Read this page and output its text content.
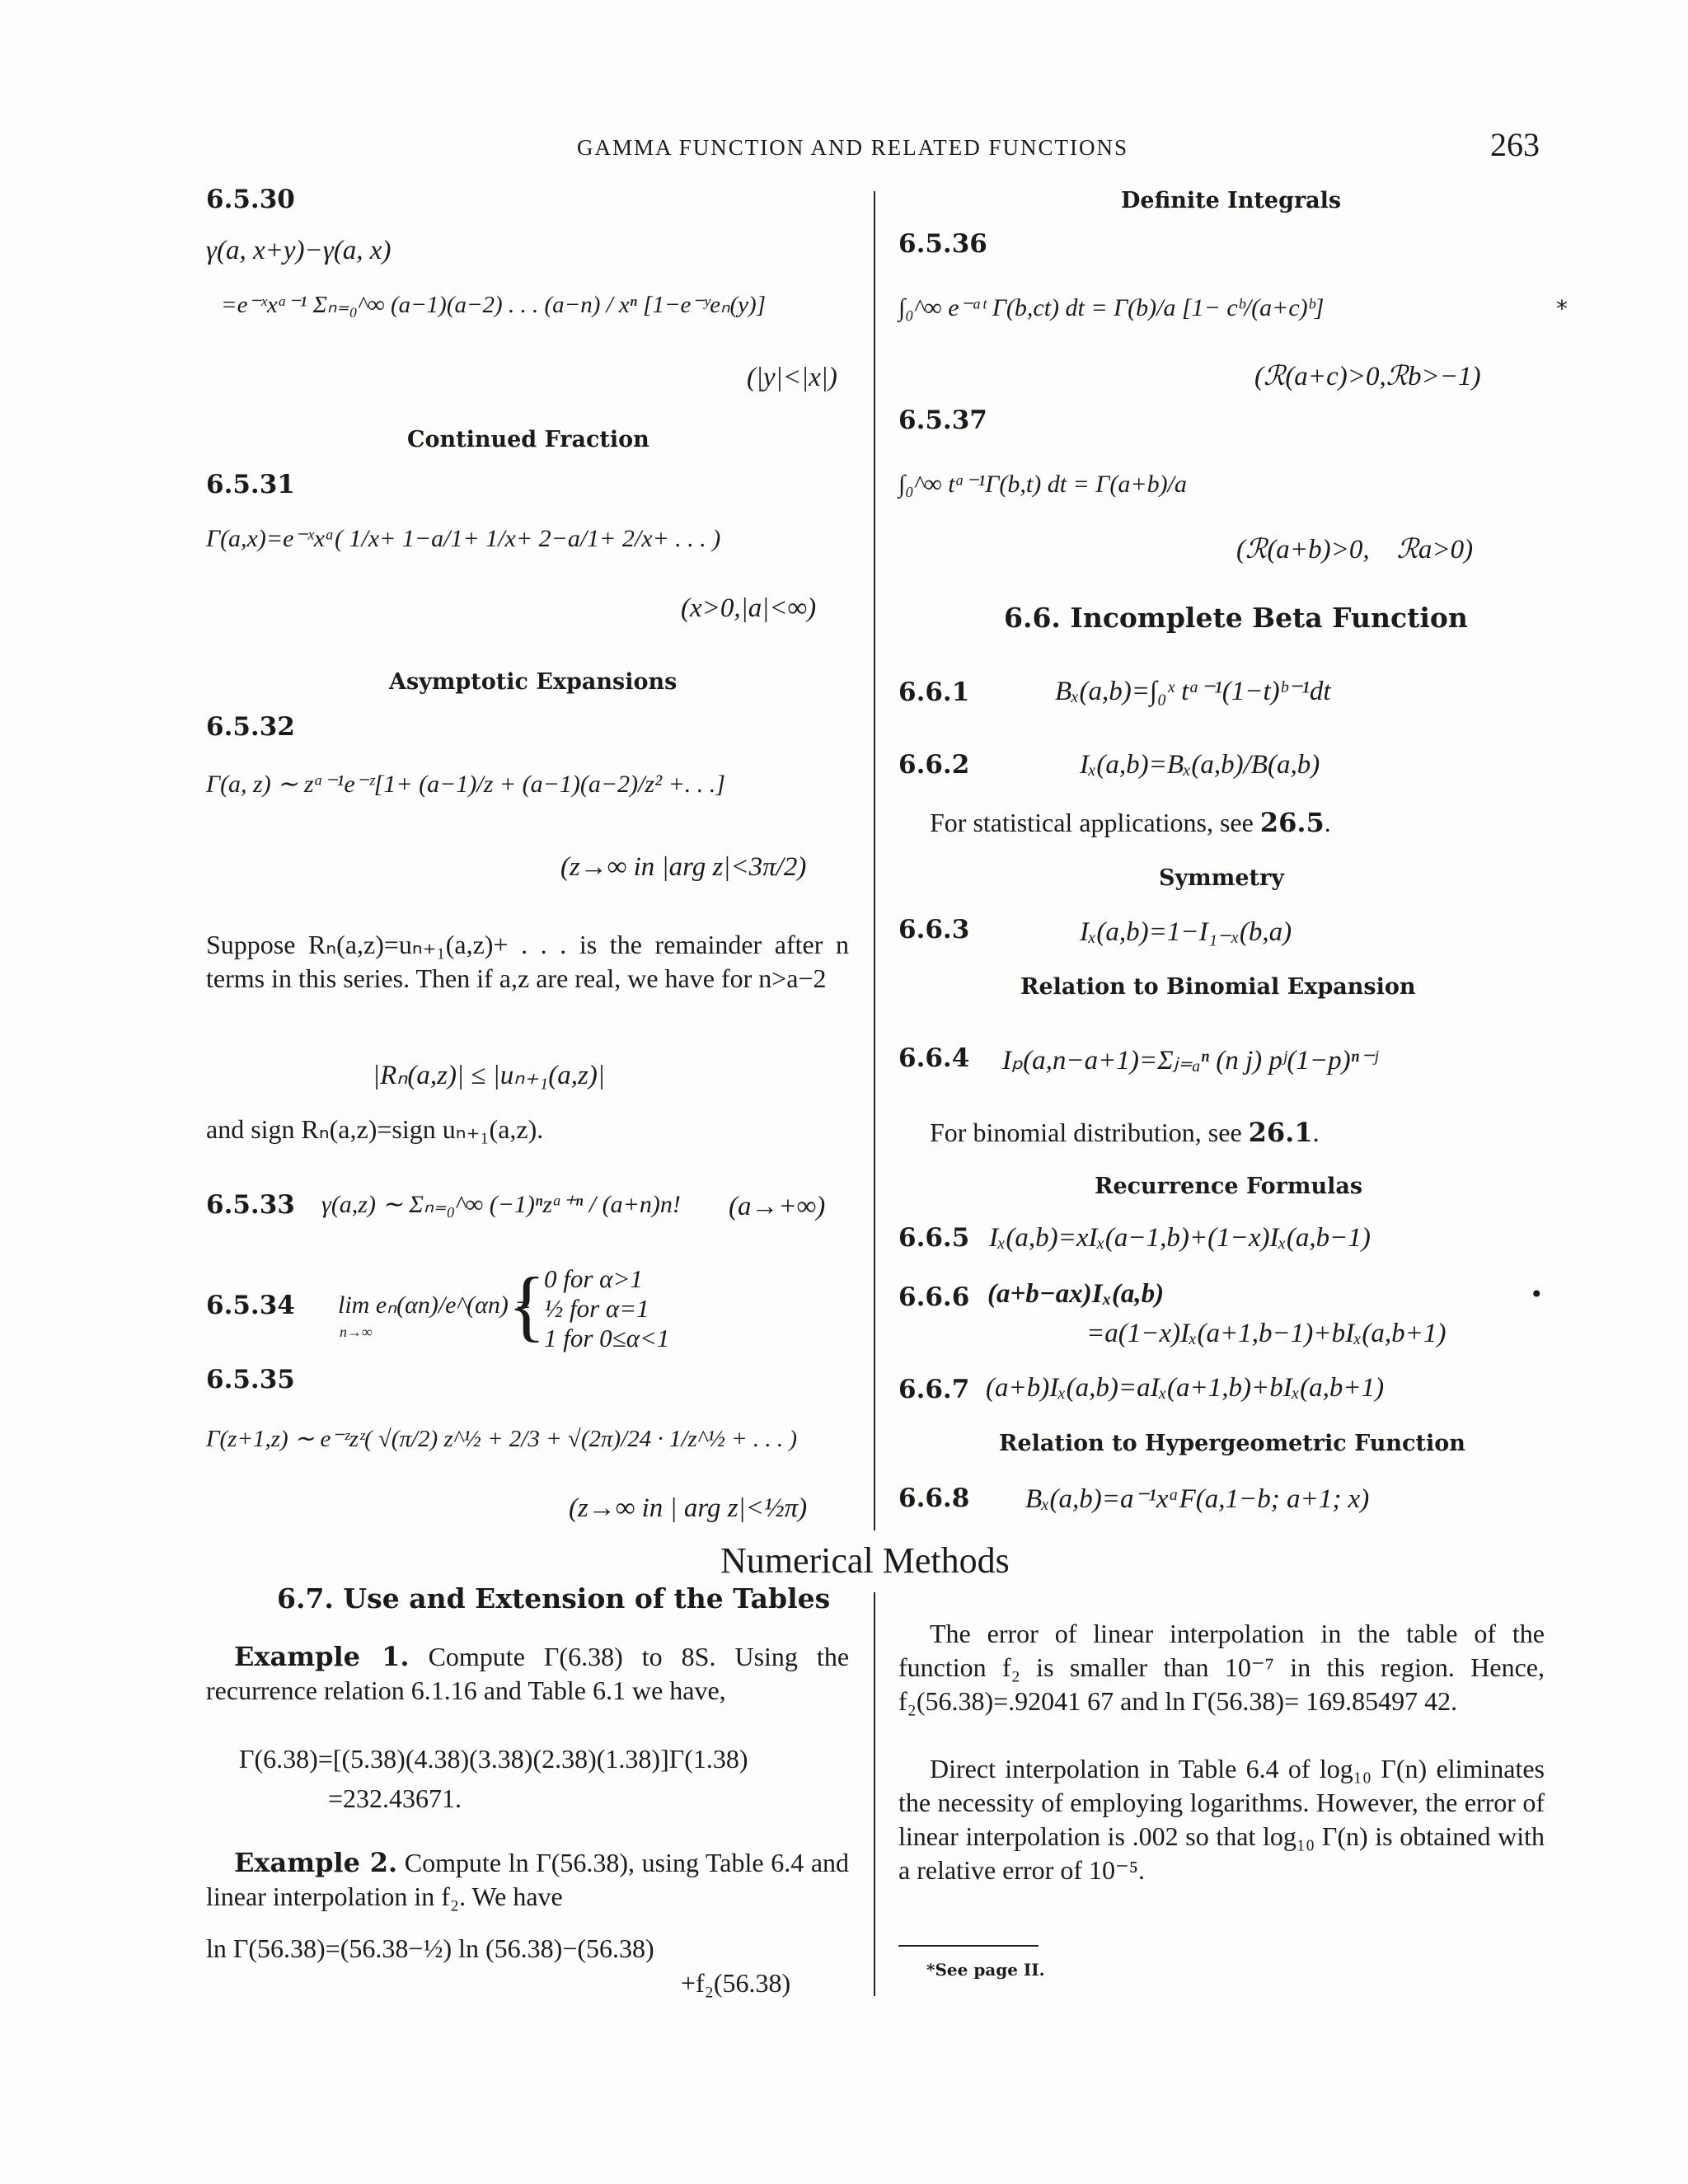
GAMMA FUNCTION AND RELATED FUNCTIONS	263
6.5.30
γ(a, x+y)−γ(a, x)
=e⁻ˣxᵃ⁻¹ Σₙ₌₀^∞ (a−1)(a−2) . . . (a−n) / xⁿ [1−e⁻ʸeₙ(y)]
(|y|<|x|)
Continued Fraction
6.5.31
Γ(a,x)=e⁻ˣxᵃ( 1/x+ 1−a/1+ 1/x+ 2−a/1+ 2/x+ . . . )
(x>0,|a|<∞)
Asymptotic Expansions
6.5.32
Γ(a, z) ∼ zᵃ⁻¹e⁻ᶻ[1+ (a−1)/z + (a−1)(a−2)/z² +. . .]
(z→∞ in |arg z|<3π/2)
Suppose Rₙ(a,z)=uₙ₊₁(a,z)+ . . . is the remainder after n terms in this series. Then if a,z are real, we have for n>a−2
|Rₙ(a,z)| ≤ |uₙ₊₁(a,z)|
and sign Rₙ(a,z)=sign uₙ₊₁(a,z).
6.5.33 γ(a,z) ∼ Σₙ₌₀^∞ (−1)ⁿzᵃ⁺ⁿ / (a+n)n! (a→+∞)
6.5.34 lim eₙ(αn)/e^(αn) =
n→∞ {
0 for α>1
½ for α=1
1 for 0≤α<1
6.5.35
Γ(z+1,z) ∼ e⁻ᶻzᶻ( √(π/2) z^½ + 2/3 + √(2π)/24 · 1/z^½ + . . . )
(z→∞ in | arg z|<½π)
Definite Integrals
6.5.36
∫₀^∞ e⁻ᵃᵗ Γ(b,ct) dt = Γ(b)/a [1− cᵇ/(a+c)ᵇ]	*
(ℛ(a+c)>0,ℛb>−1)
6.5.37
∫₀^∞ tᵃ⁻¹Γ(b,t) dt = Γ(a+b)/a
(ℛ(a+b)>0,    ℛa>0)
6.6. Incomplete Beta Function
6.6.1	Bₓ(a,b)=∫₀ˣ tᵃ⁻¹(1−t)ᵇ⁻¹dt
6.6.2	Iₓ(a,b)=Bₓ(a,b)/B(a,b)
For statistical applications, see 26.5.
Symmetry
6.6.3	Iₓ(a,b)=1−I₁₋ₓ(b,a)
Relation to Binomial Expansion
6.6.4 Iₚ(a,n−a+1)=Σⱼ₌ₐⁿ (n j) pʲ(1−p)ⁿ⁻ʲ
For binomial distribution, see 26.1.
Recurrence Formulas
6.6.5 Iₓ(a,b)=xIₓ(a−1,b)+(1−x)Iₓ(a,b−1)
6.6.6 (a+b−ax)Iₓ(a,b)	•
=a(1−x)Iₓ(a+1,b−1)+bIₓ(a,b+1)
6.6.7 (a+b)Iₓ(a,b)=aIₓ(a+1,b)+bIₓ(a,b+1)
Relation to Hypergeometric Function
6.6.8 Bₓ(a,b)=a⁻¹xᵃF(a,1−b; a+1; x)
Numerical Methods
6.7. Use and Extension of the Tables
Example 1. Compute Γ(6.38) to 8S. Using the recurrence relation 6.1.16 and Table 6.1 we have,
Γ(6.38)=[(5.38)(4.38)(3.38)(2.38)(1.38)]Γ(1.38)
=232.43671.
Example 2. Compute ln Γ(56.38), using Table 6.4 and linear interpolation in f₂. We have
ln Γ(56.38)=(56.38−½) ln (56.38)−(56.38)
+f₂(56.38)
The error of linear interpolation in the table of the function f₂ is smaller than 10⁻⁷ in this region. Hence, f₂(56.38)=.92041 67 and ln Γ(56.38)= 169.85497 42.
Direct interpolation in Table 6.4 of log₁₀ Γ(n) eliminates the necessity of employing logarithms. However, the error of linear interpolation is .002 so that log₁₀ Γ(n) is obtained with a relative error of 10⁻⁵.
*See page II.
